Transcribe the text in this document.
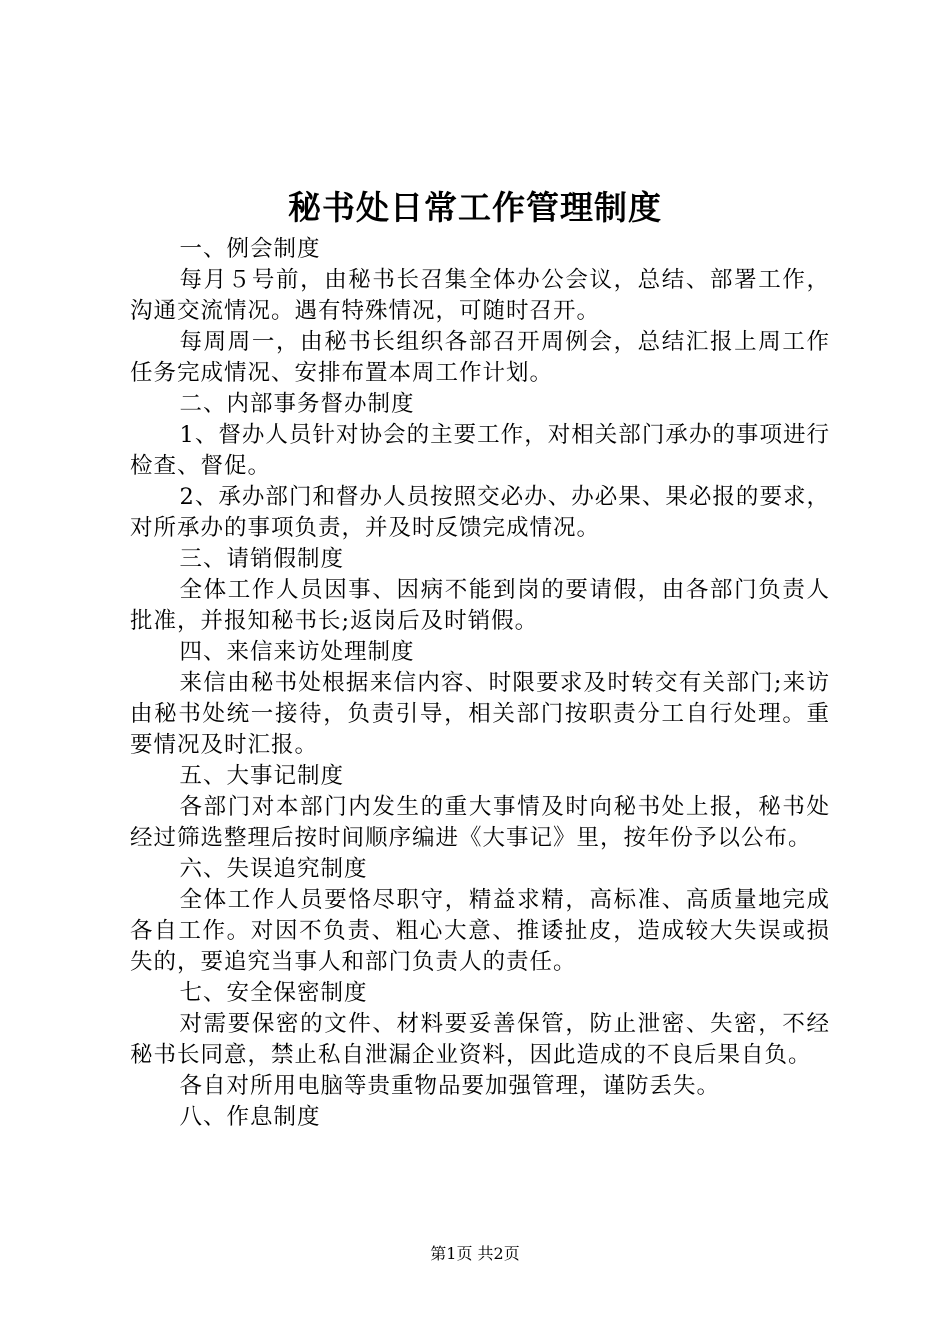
秘书处日常工作管理制度

一、例会制度

每月５号前，由秘书长召集全体办公会议，总结、部署工作，沟通交流情况。遇有特殊情况，可随时召开。

每周周一，由秘书长组织各部召开周例会，总结汇报上周工作任务完成情况、安排布置本周工作计划。

二、内部事务督办制度

1、督办人员针对协会的主要工作，对相关部门承办的事项进行检查、督促。

2、承办部门和督办人员按照交必办、办必果、果必报的要求，对所承办的事项负责，并及时反馈完成情况。

三、请销假制度

全体工作人员因事、因病不能到岗的要请假，由各部门负责人批准，并报知秘书长;返岗后及时销假。

四、来信来访处理制度

来信由秘书处根据来信内容、时限要求及时转交有关部门;来访由秘书处统一接待，负责引导，相关部门按职责分工自行处理。重要情况及时汇报。

五、大事记制度

各部门对本部门内发生的重大事情及时向秘书处上报，秘书处经过筛选整理后按时间顺序编进《大事记》里，按年份予以公布。

六、失误追究制度

全体工作人员要恪尽职守，精益求精，高标准、高质量地完成各自工作。对因不负责、粗心大意、推诿扯皮，造成较大失误或损失的，要追究当事人和部门负责人的责任。

七、安全保密制度

对需要保密的文件、材料要妥善保管，防止泄密、失密，不经秘书长同意，禁止私自泄漏企业资料，因此造成的不良后果自负。

各自对所用电脑等贵重物品要加强管理，谨防丢失。

八、作息制度

第1页 共2页
